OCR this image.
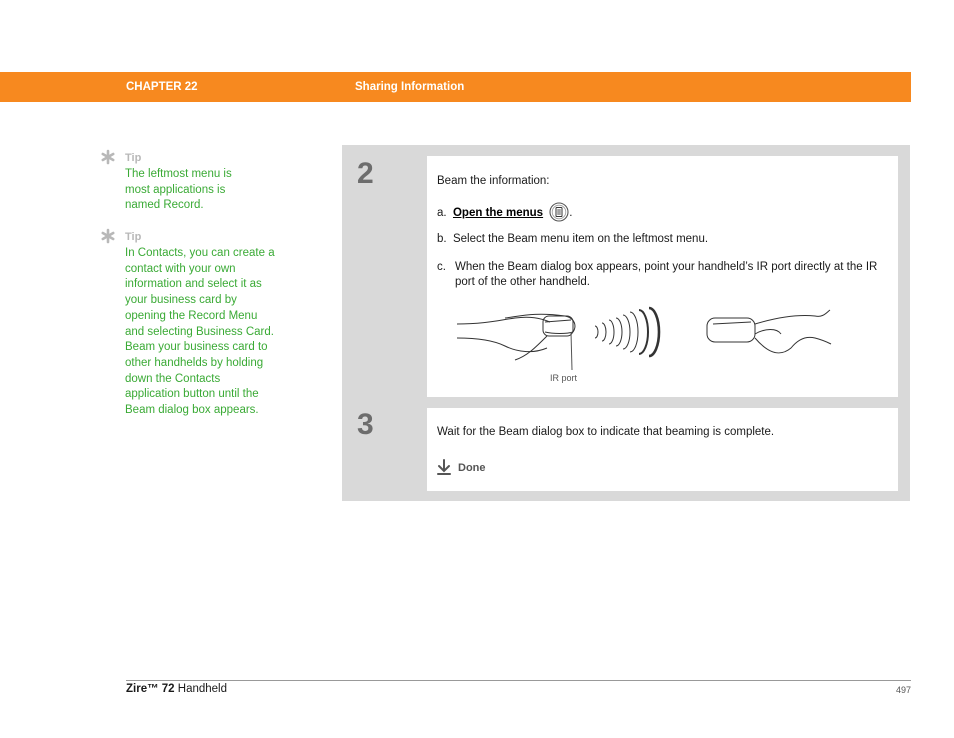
CHAPTER 22	Sharing Information
Tip
The leftmost menu is most applications is named Record.
Tip
In Contacts, you can create a contact with your own information and select it as your business card by opening the Record Menu and selecting Business Card. Beam your business card to other handhelds by holding down the Contacts application button until the Beam dialog box appears.
2	Beam the information:
a. Open the menus .
b. Select the Beam menu item on the leftmost menu.
c. When the Beam dialog box appears, point your handheld’s IR port directly at the IR port of the other handheld.
IR port
3	Wait for the Beam dialog box to indicate that beaming is complete.
Done
Zire™ 72 Handheld	497
